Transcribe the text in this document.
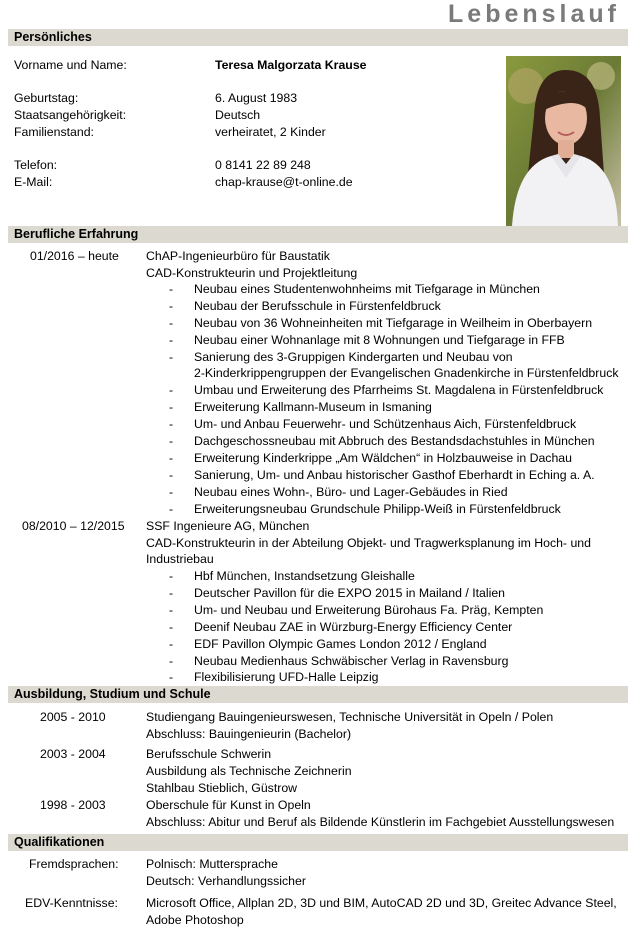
Lebenslauf
Persönliches
Vorname und Name:	Teresa Malgorzata Krause
Geburtstag:	6. August 1983
Staatsangehörigkeit:	Deutsch
Familienstand:	verheiratet, 2 Kinder
Telefon:	0 8141 22 89 248
E-Mail:	chap-krause@t-online.de
Berufliche Erfahrung
01/2016 – heute ChAP-Ingenieurbüro für Baustatik
CAD-Konstrukteurin und Projektleitung
Neubau eines Studentenwohnheims mit Tiefgarage in München
Neubau der Berufsschule in Fürstenfeldbruck
Neubau von 36 Wohneinheiten mit Tiefgarage in Weilheim in Oberbayern
Neubau einer Wohnanlage mit 8 Wohnungen und Tiefgarage in FFB
Sanierung des 3-Gruppigen Kindergarten und Neubau von
2-Kinderkrippengruppen der Evangelischen Gnadenkirche in Fürstenfeldbruck
Umbau und Erweiterung des Pfarrheims St. Magdalena in Fürstenfeldbruck
Erweiterung Kallmann-Museum in Ismaning
Um- und Anbau Feuerwehr- und Schützenhaus Aich, Fürstenfeldbruck
Dachgeschossneubau mit Abbruch des Bestandsdachstuhles in München
Erweiterung Kinderkrippe „Am Wäldchen“ in Holzbauweise in Dachau
Sanierung, Um- und Anbau historischer Gasthof Eberhardt in Eching a. A.
Neubau eines Wohn-, Büro- und Lager-Gebäudes in Ried
Erweiterungsneubau Grundschule Philipp-Weiß in Fürstenfeldbruck
08/2010 – 12/2015 SSF Ingenieure AG, München
CAD-Konstrukteurin in der Abteilung Objekt- und Tragwerksplanung im Hoch- und
Industriebau
Hbf München, Instandsetzung Gleishalle
Deutscher Pavillon für die EXPO 2015 in Mailand / Italien
Um- und Neubau und Erweiterung Bürohaus Fa. Präg, Kempten
Deenif Neubau ZAE in Würzburg-Energy Efficiency Center
EDF Pavillon Olympic Games London 2012 / England
Neubau Medienhaus Schwäbischer Verlag in Ravensburg
Flexibilisierung UFD-Halle Leipzig
Ausbildung, Studium und Schule
2005 - 2010	Studiengang Bauingenieurswesen, Technische Universität in Opeln / Polen
Abschluss: Bauingenieurin (Bachelor)
2003 - 2004	Berufsschule Schwerin
Ausbildung als Technische Zeichnerin
Stahlbau Stieblich, Güstrow
1998 - 2003	Oberschule für Kunst in Opeln
Abschluss: Abitur und Beruf als Bildende Künstlerin im Fachgebiet Ausstellungswesen
Qualifikationen
Fremdsprachen: Polnisch: Muttersprache
Deutsch: Verhandlungssicher
EDV-Kenntnisse: Microsoft Office, Allplan 2D, 3D und BIM, AutoCAD 2D und 3D, Greitec Advance Steel,
Adobe Photoshop
